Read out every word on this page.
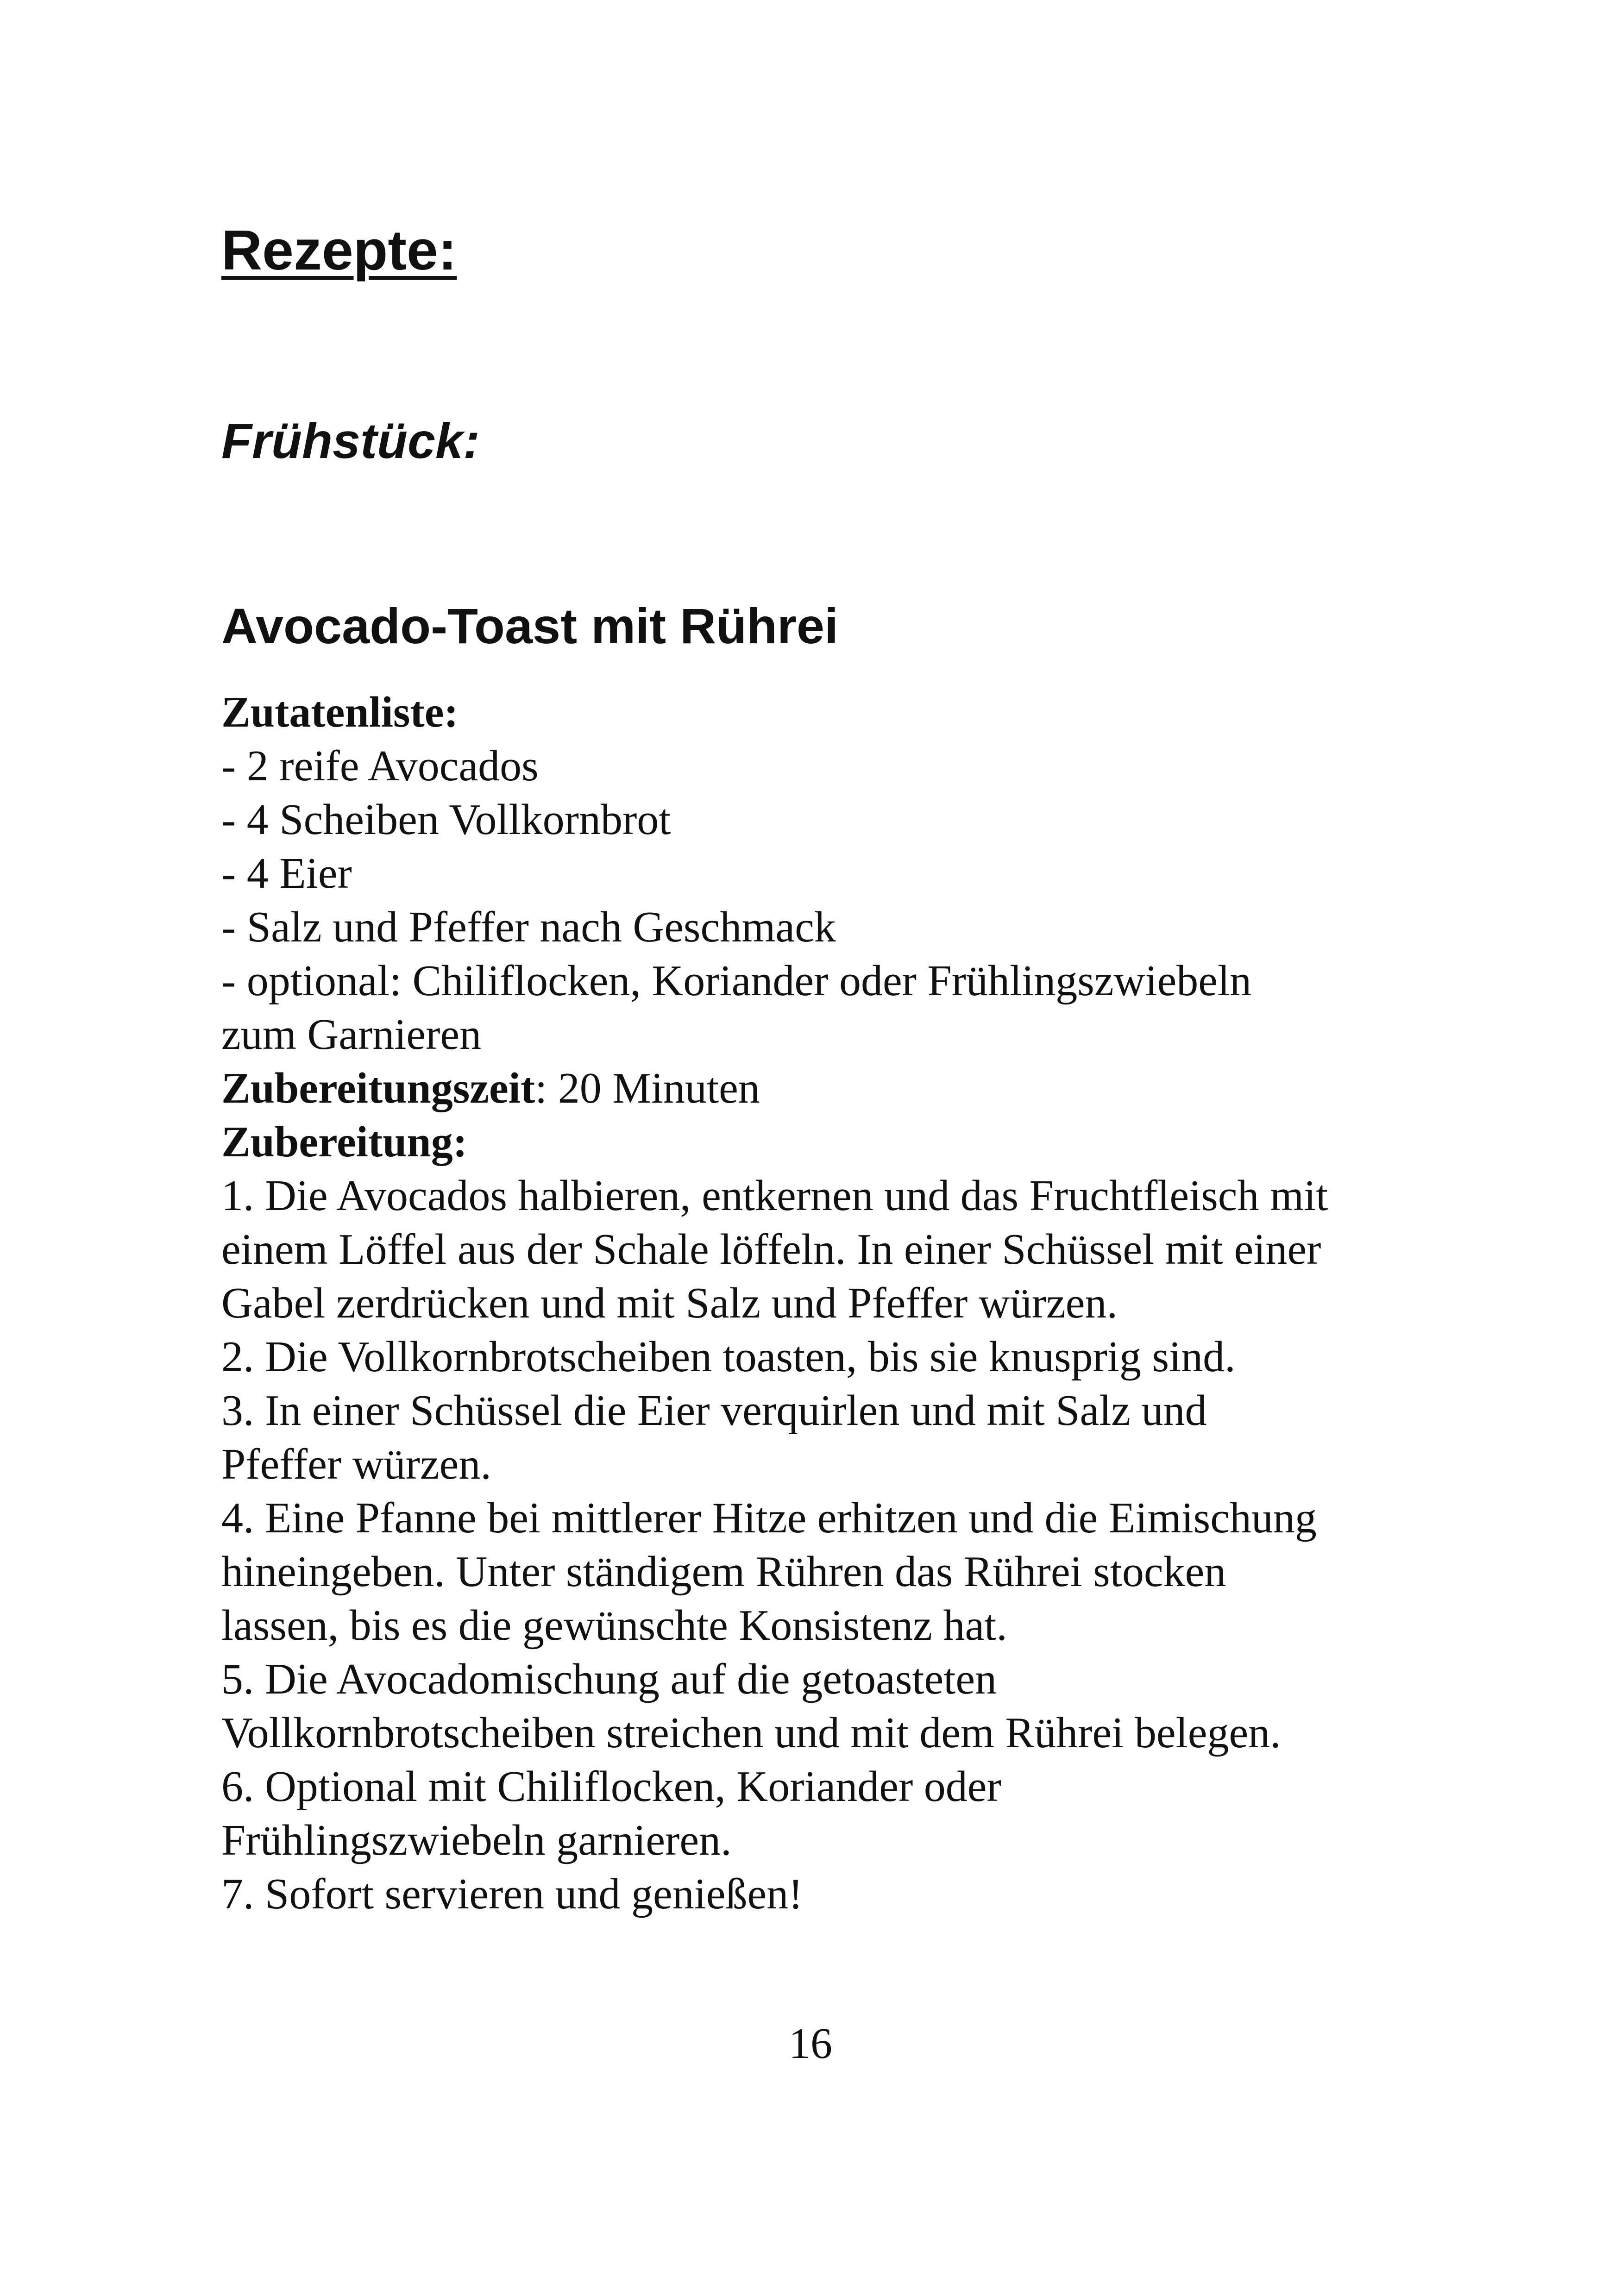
Rezepte:
Frühstück:
Avocado-Toast mit Rührei
Zutatenliste:
- 2 reife Avocados
- 4 Scheiben Vollkornbrot
- 4 Eier
- Salz und Pfeffer nach Geschmack
- optional: Chiliflocken, Koriander oder Frühlingszwiebeln
zum Garnieren
Zubereitungszeit: 20 Minuten
Zubereitung:
1. Die Avocados halbieren, entkernen und das Fruchtfleisch mit
einem Löffel aus der Schale löffeln. In einer Schüssel mit einer
Gabel zerdrücken und mit Salz und Pfeffer würzen.
2. Die Vollkornbrotscheiben toasten, bis sie knusprig sind.
3. In einer Schüssel die Eier verquirlen und mit Salz und
Pfeffer würzen.
4. Eine Pfanne bei mittlerer Hitze erhitzen und die Eimischung
hineingeben. Unter ständigem Rühren das Rührei stocken
lassen, bis es die gewünschte Konsistenz hat.
5. Die Avocadomischung auf die getoasteten
Vollkornbrotscheiben streichen und mit dem Rührei belegen.
6. Optional mit Chiliflocken, Koriander oder
Frühlingszwiebeln garnieren.
7. Sofort servieren und genießen!
16
